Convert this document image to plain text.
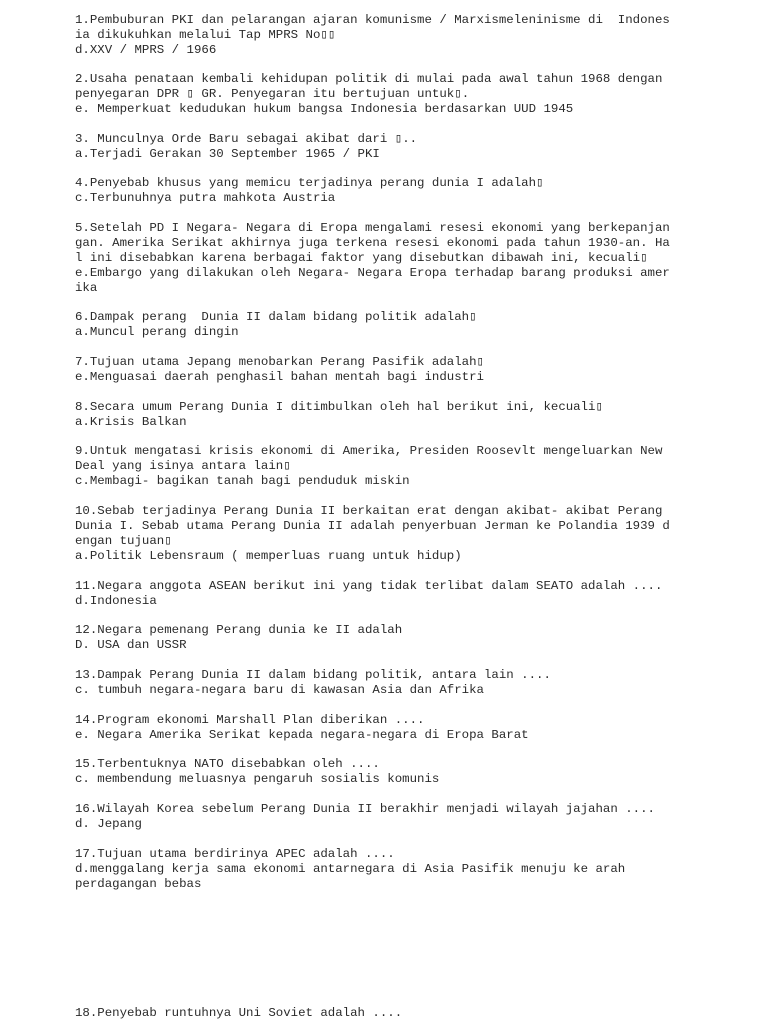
1.Pembuburan PKI dan pelarangan ajaran komunisme / Marxismeleninisme di  Indones
ia dikukuhkan melalui Tap MPRS No▯▯
d.XXV / MPRS / 1966
2.Usaha penataan kembali kehidupan politik di mulai pada awal tahun 1968 dengan
penyegaran DPR ▯ GR. Penyegaran itu bertujuan untuk▯.
e. Memperkuat kedudukan hukum bangsa Indonesia berdasarkan UUD 1945
3. Munculnya Orde Baru sebagai akibat dari ▯..
a.Terjadi Gerakan 30 September 1965 / PKI
4.Penyebab khusus yang memicu terjadinya perang dunia I adalah▯
c.Terbunuhnya putra mahkota Austria
5.Setelah PD I Negara- Negara di Eropa mengalami resesi ekonomi yang berkepanjan
gan. Amerika Serikat akhirnya juga terkena resesi ekonomi pada tahun 1930-an. Ha
l ini disebabkan karena berbagai faktor yang disebutkan dibawah ini, kecuali▯
e.Embargo yang dilakukan oleh Negara- Negara Eropa terhadap barang produksi amer
ika
6.Dampak perang  Dunia II dalam bidang politik adalah▯
a.Muncul perang dingin
7.Tujuan utama Jepang menobarkan Perang Pasifik adalah▯
e.Menguasai daerah penghasil bahan mentah bagi industri
8.Secara umum Perang Dunia I ditimbulkan oleh hal berikut ini, kecuali▯
a.Krisis Balkan
9.Untuk mengatasi krisis ekonomi di Amerika, Presiden Roosevlt mengeluarkan New
Deal yang isinya antara lain▯
c.Membagi- bagikan tanah bagi penduduk miskin
10.Sebab terjadinya Perang Dunia II berkaitan erat dengan akibat- akibat Perang
Dunia I. Sebab utama Perang Dunia II adalah penyerbuan Jerman ke Polandia 1939 d
engan tujuan▯
a.Politik Lebensraum ( memperluas ruang untuk hidup)
11.Negara anggota ASEAN berikut ini yang tidak terlibat dalam SEATO adalah ....
d.Indonesia
12.Negara pemenang Perang dunia ke II adalah
D. USA dan USSR
13.Dampak Perang Dunia II dalam bidang politik, antara lain ....
c. tumbuh negara-negara baru di kawasan Asia dan Afrika
14.Program ekonomi Marshall Plan diberikan ....
e. Negara Amerika Serikat kepada negara-negara di Eropa Barat
15.Terbentuknya NATO disebabkan oleh ....
c. membendung meluasnya pengaruh sosialis komunis
16.Wilayah Korea sebelum Perang Dunia II berakhir menjadi wilayah jajahan ....
d. Jepang
17.Tujuan utama berdirinya APEC adalah ....
d.menggalang kerja sama ekonomi antarnegara di Asia Pasifik menuju ke arah
perdagangan bebas
18.Penyebab runtuhnya Uni Soviet adalah ....
